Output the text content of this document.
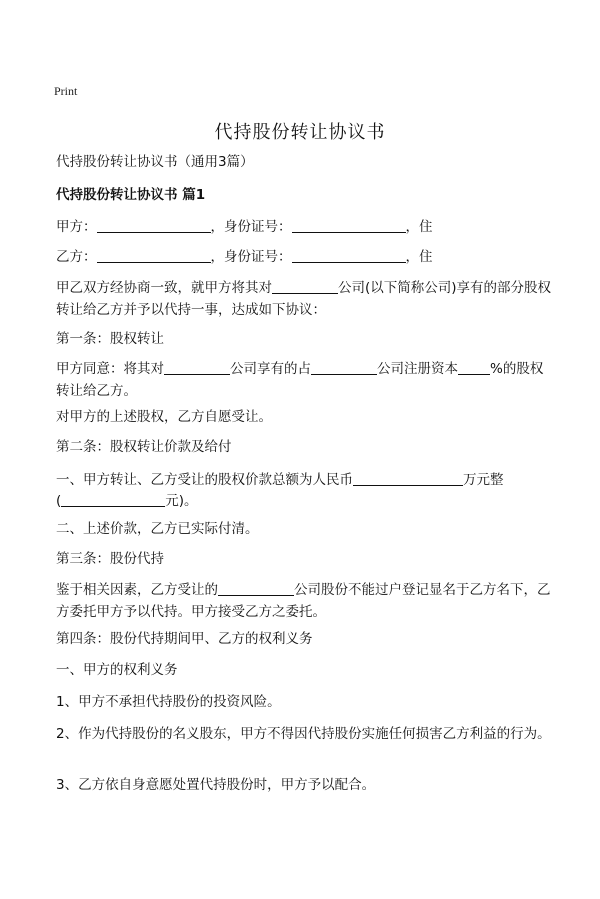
Print
代持股份转让协议书
代持股份转让协议书（通用3篇）
代持股份转让协议书 篇1
甲方：	，身份证号：	，住
乙方：	，身份证号：	，住
甲乙双方经协商一致，就甲方将其对	公司(以下简称公司)享有的部分股权转让给乙方并予以代持一事，达成如下协议：
第一条：股权转让
甲方同意：将其对	公司享有的占	公司注册资本 %的股权转让给乙方。
对甲方的上述股权，乙方自愿受让。
第二条：股权转让价款及给付
一、甲方转让、乙方受让的股权价款总额为人民币	万元整
(	元)。
二、上述价款，乙方已实际付清。
第三条：股份代持
鉴于相关因素，乙方受让的	公司股份不能过户登记显名于乙方名下，乙方委托甲方予以代持。甲方接受乙方之委托。
第四条：股份代持期间甲、乙方的权利义务
一、甲方的权利义务
1、甲方不承担代持股份的投资风险。
2、作为代持股份的名义股东，甲方不得因代持股份实施任何损害乙方利益的行为。
3、乙方依自身意愿处置代持股份时，甲方予以配合。
